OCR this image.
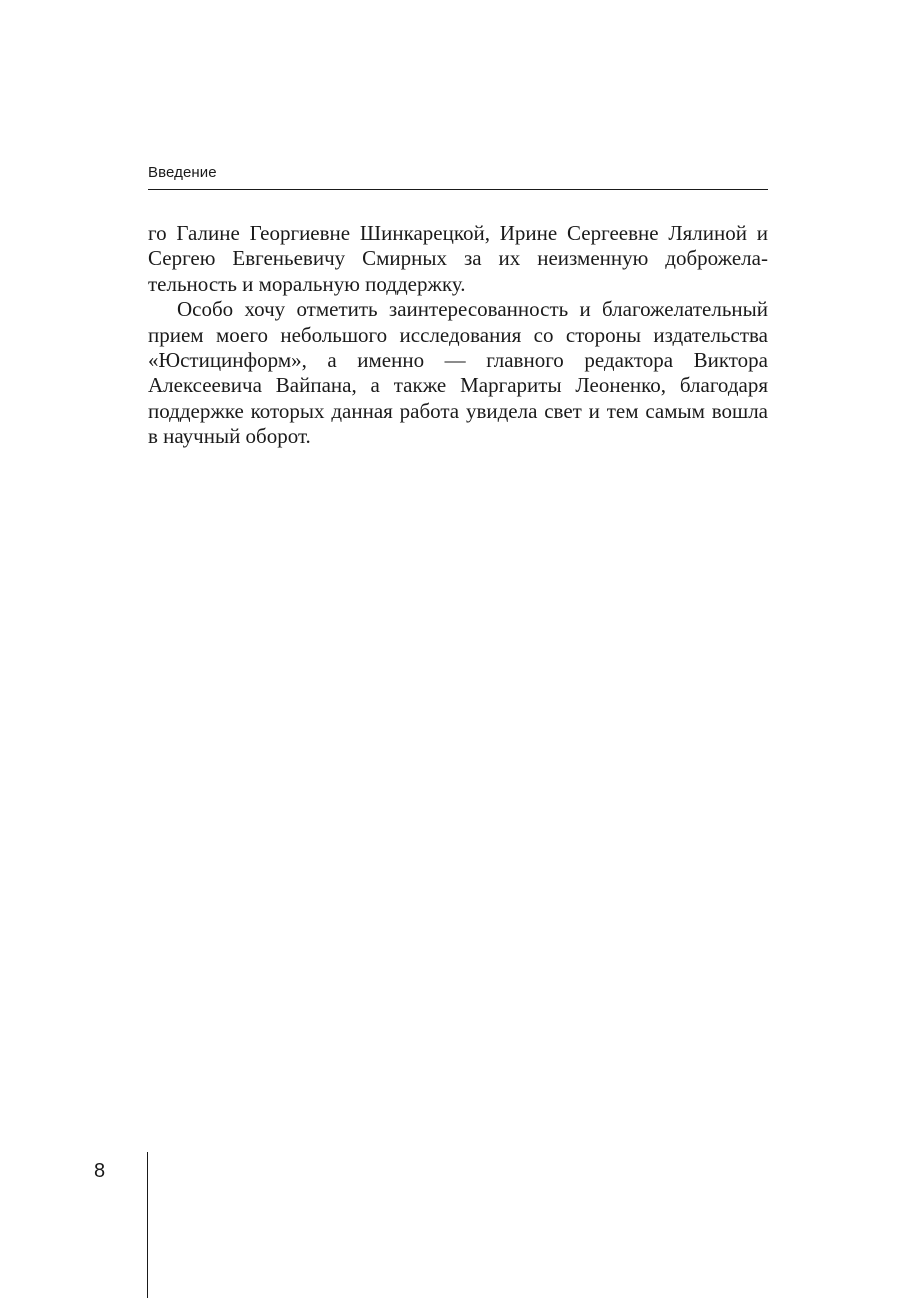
Введение

го Галине Георгиевне Шинкарецкой, Ирине Сергеевне Лялиной и Сергею Евгеньевичу Смирных за их неизменную доброжелательность и моральную поддержку.

Особо хочу отметить заинтересованность и благожелательный прием моего небольшого исследования со стороны издательства «Юстицинформ», а именно — главного редактора Виктора Алексеевича Вайпана, а также Маргариты Леоненко, благодаря поддержке которых данная работа увидела свет и тем самым вошла в научный оборот.

8
